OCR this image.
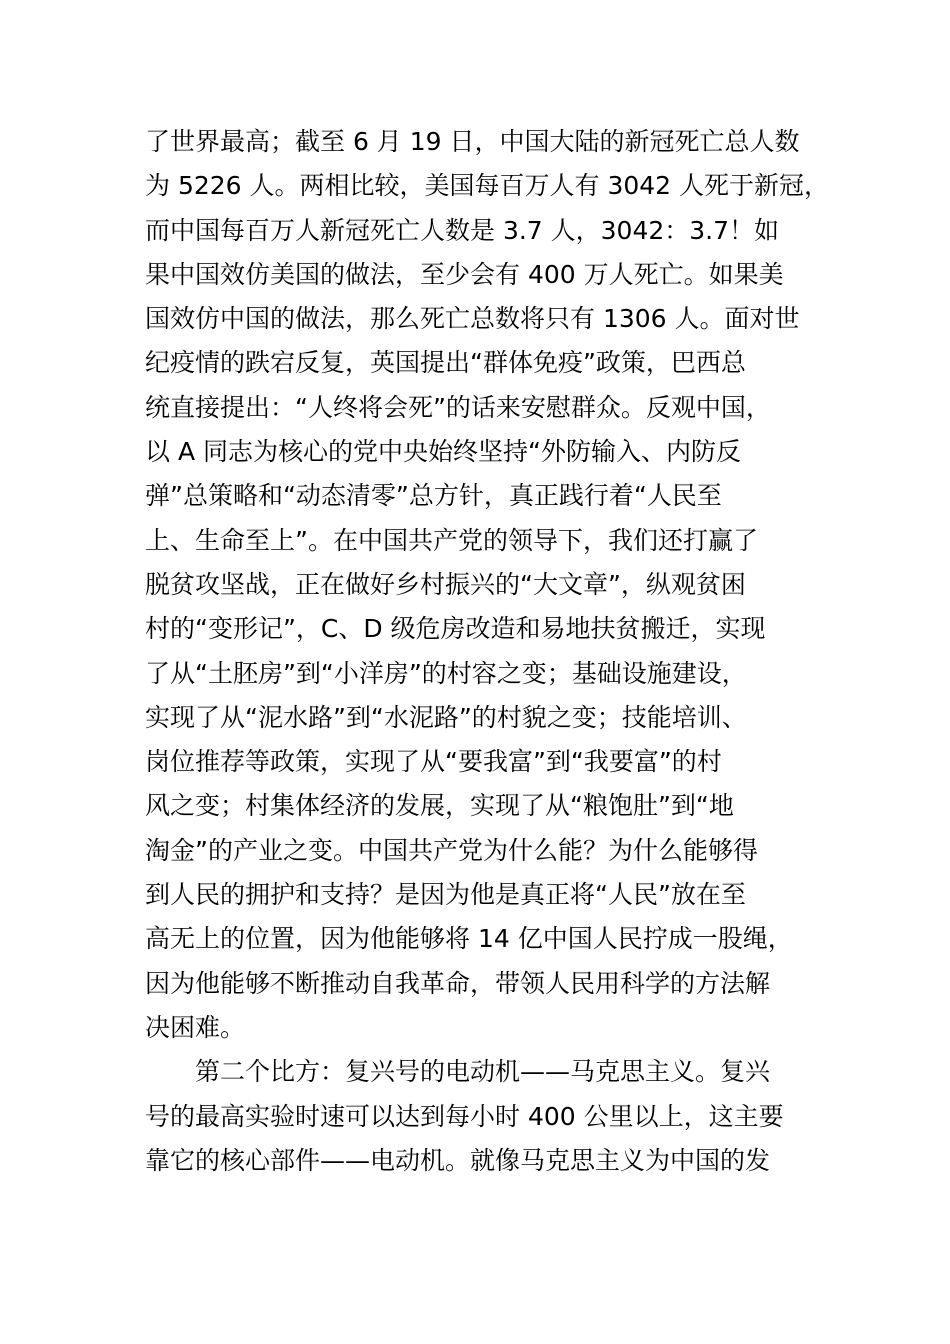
了世界最高；截至 6 月 19 日，中国大陆的新冠死亡总人数
为 5226 人。两相比较，美国每百万人有 3042 人死于新冠，
而中国每百万人新冠死亡人数是 3.7 人，3042：3.7！如
果中国效仿美国的做法，至少会有 400 万人死亡。如果美
国效仿中国的做法，那么死亡总数将只有 1306 人。面对世
纪疫情的跌宕反复，英国提出“群体免疫”政策，巴西总
统直接提出：“人终将会死”的话来安慰群众。反观中国，
以 A 同志为核心的党中央始终坚持“外防输入、内防反
弹”总策略和“动态清零”总方针，真正践行着“人民至
上、生命至上”。在中国共产党的领导下，我们还打赢了
脱贫攻坚战，正在做好乡村振兴的“大文章”，纵观贫困
村的“变形记”，C、D 级危房改造和易地扶贫搬迁，实现
了从“土胚房”到“小洋房”的村容之变；基础设施建设，
实现了从“泥水路”到“水泥路”的村貌之变；技能培训、
岗位推荐等政策，实现了从“要我富”到“我要富”的村
风之变；村集体经济的发展，实现了从“粮饱肚”到“地
淘金”的产业之变。中国共产党为什么能？为什么能够得
到人民的拥护和支持？是因为他是真正将“人民”放在至
高无上的位置，因为他能够将 14 亿中国人民拧成一股绳，
因为他能够不断推动自我革命，带领人民用科学的方法解
决困难。
第二个比方：复兴号的电动机——马克思主义。复兴
号的最高实验时速可以达到每小时 400 公里以上，这主要
靠它的核心部件——电动机。就像马克思主义为中国的发
